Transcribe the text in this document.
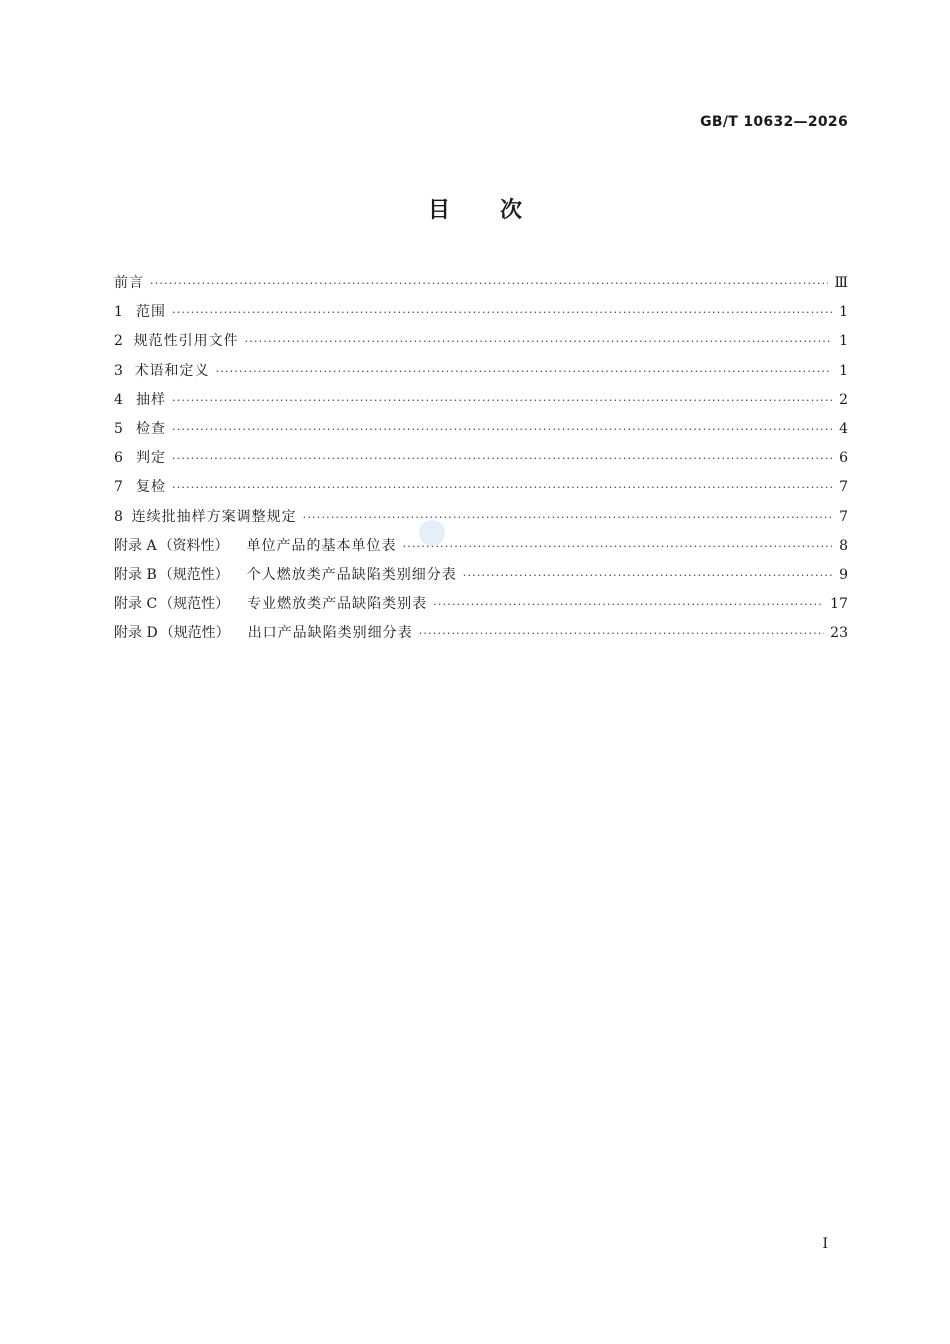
GB/T 10632—2026
目 次
前言 ·····	Ⅲ
1 范围 ·····	1
2 规范性引用文件 ·····	1
3 术语和定义 ·····	1
4 抽样 ·····	2
5 检查 ·····	4
6 判定 ·····	6
7 复检 ·····	7
8 连续批抽样方案调整规定 ·····	7
附录 A （资料性） 单位产品的基本单位表 ·····	8
附录 B （规范性） 个人燃放类产品缺陷类别细分表 ·····	9
附录 C （规范性） 专业燃放类产品缺陷类别表 ·····	17
附录 D （规范性） 出口产品缺陷类别细分表 ·····	23
I
